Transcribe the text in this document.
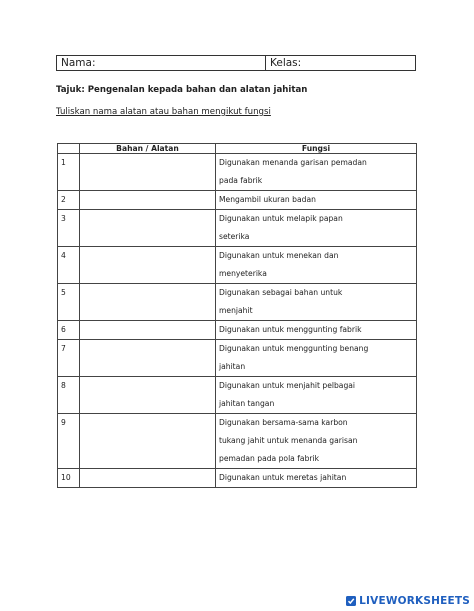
Nama:	Kelas:
Tajuk: Pengenalan kepada bahan dan alatan jahitan
Tuliskan nama alatan atau bahan mengikut fungsi
	Bahan / Alatan	Fungsi
1		Digunakan menanda garisan pemadan
pada fabrik

2		Mengambil ukuran badan

3		Digunakan untuk melapik papan
seterika

4		Digunakan untuk menekan dan
menyeterika

5		Digunakan sebagai bahan untuk
menjahit

6		Digunakan untuk menggunting fabrik

7		Digunakan untuk menggunting benang
jahitan

8		Digunakan untuk menjahit pelbagai
jahitan tangan

9		Digunakan bersama-sama karbon
tukang jahit untuk menanda garisan
pemadan pada pola fabrik

10		Digunakan untuk meretas jahitan
LIVEWORKSHEETS
